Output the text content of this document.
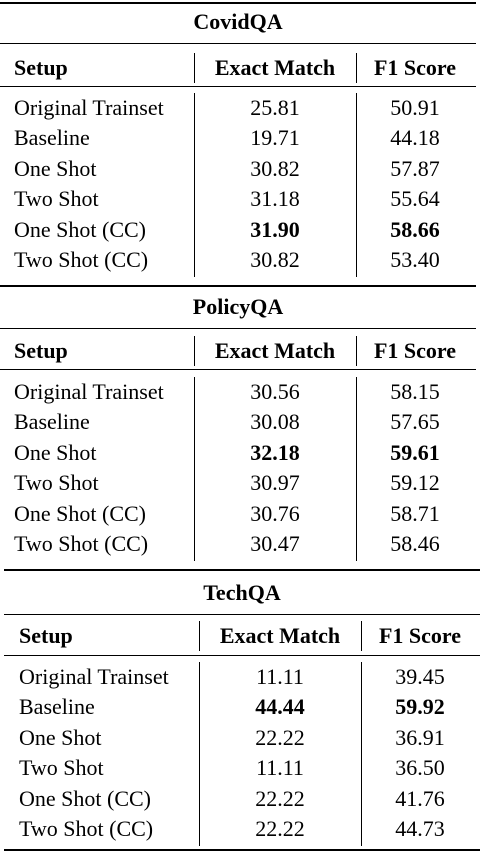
CovidQA
Setup	Exact Match	F1 Score
Original Trainset	25.81	50.91
Baseline	19.71	44.18
One Shot	30.82	57.87
Two Shot	31.18	55.64
One Shot (CC)	31.90	58.66
Two Shot (CC)	30.82	53.40
PolicyQA
Setup	Exact Match	F1 Score
Original Trainset	30.56	58.15
Baseline	30.08	57.65
One Shot	32.18	59.61
Two Shot	30.97	59.12
One Shot (CC)	30.76	58.71
Two Shot (CC)	30.47	58.46
TechQA
Setup	Exact Match	F1 Score
Original Trainset	11.11	39.45
Baseline	44.44	59.92
One Shot	22.22	36.91
Two Shot	11.11	36.50
One Shot (CC)	22.22	41.76
Two Shot (CC)	22.22	44.73
